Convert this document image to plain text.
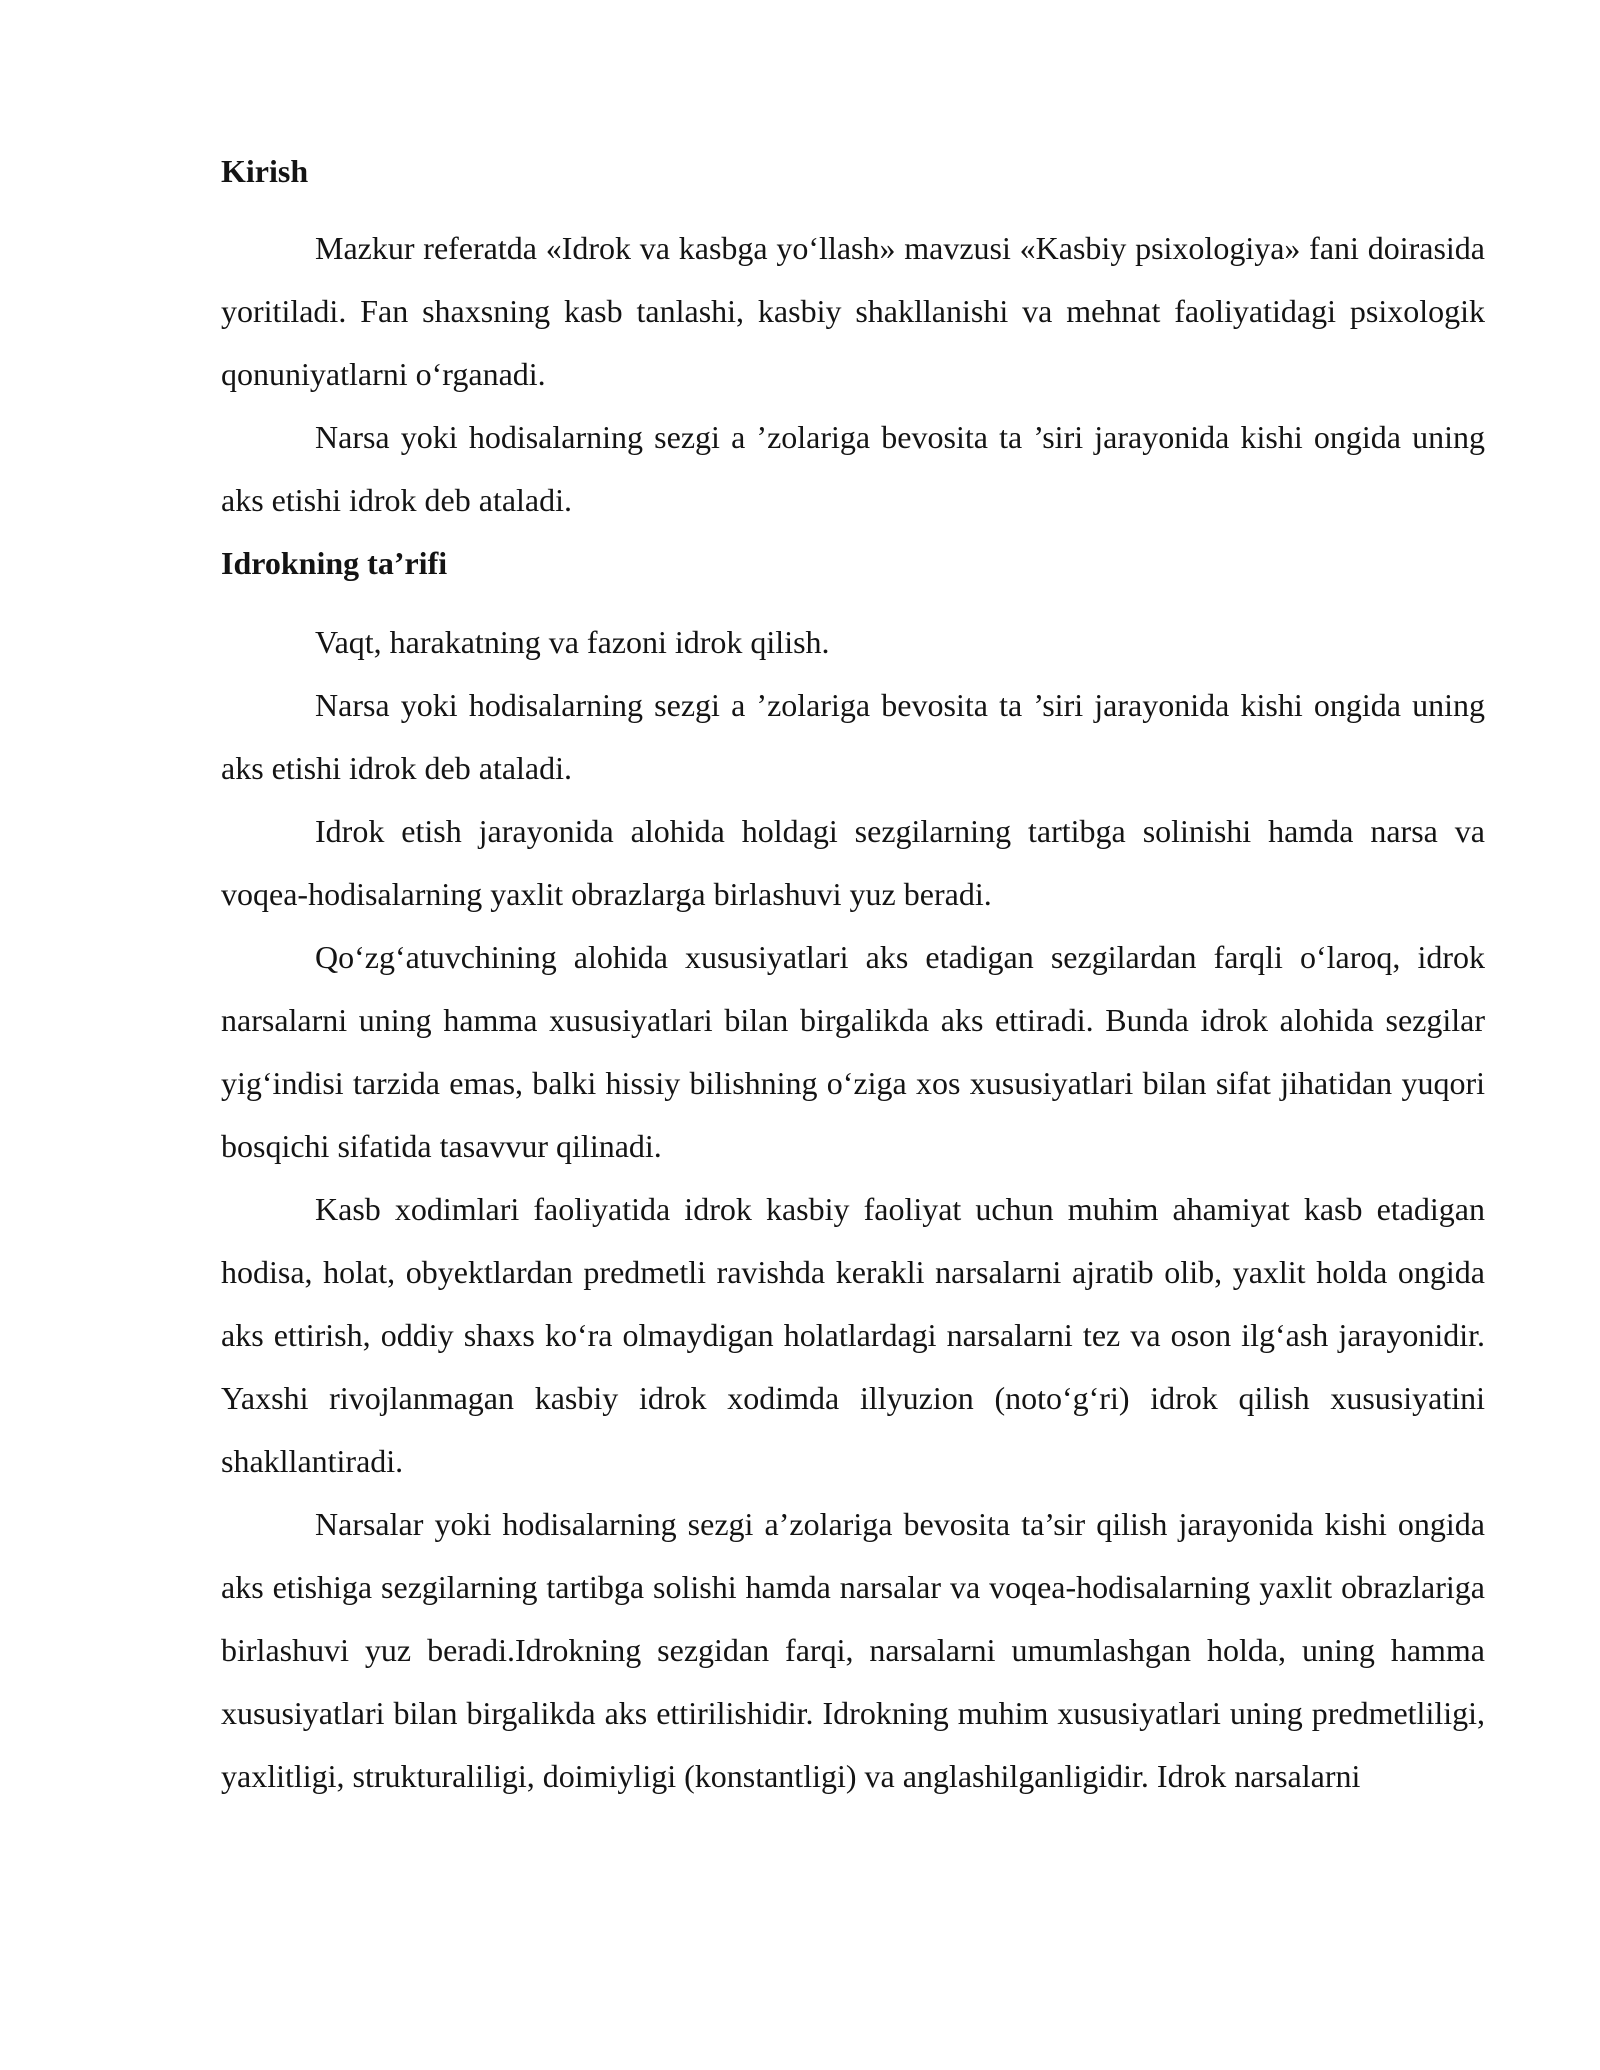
Kirish

Mazkur referatda «Idrok va kasbga yo‘llash» mavzusi «Kasbiy psixologiya» fani doirasida yoritiladi. Fan shaxsning kasb tanlashi, kasbiy shakllanishi va mehnat faoliyatidagi psixologik qonuniyatlarni o‘rganadi.

Narsa yoki hodisalarning sezgi a ’zolariga bevosita ta ’siri jarayonida kishi ongida uning aks etishi idrok deb ataladi.

Idrokning ta’rifi

Vaqt, harakatning va fazoni idrok qilish.

Narsa yoki hodisalarning sezgi a ’zolariga bevosita ta ’siri jarayonida kishi ongida uning aks etishi idrok deb ataladi.

Idrok etish jarayonida alohida holdagi sezgilarning tartibga solinishi hamda narsa va voqea-hodisalarning yaxlit obrazlarga birlashuvi yuz beradi.

Qo‘zg‘atuvchining alohida xususiyatlari aks etadigan sezgilardan farqli o‘laroq, idrok narsalarni uning hamma xususiyatlari bilan birgalikda aks ettiradi. Bunda idrok alohida sezgilar yig‘indisi tarzida emas, balki hissiy bilishning o‘ziga xos xususiyatlari bilan sifat jihatidan yuqori bosqichi sifatida tasavvur qilinadi.

Kasb xodimlari faoliyatida idrok kasbiy faoliyat uchun muhim ahamiyat kasb etadigan hodisa, holat, obyektlardan predmetli ravishda kerakli narsalarni ajratib olib, yaxlit holda ongida aks ettirish, oddiy shaxs ko‘ra olmaydigan holatlardagi narsalarni tez va oson ilg‘ash jarayonidir. Yaxshi rivojlanmagan kasbiy idrok xodimda illyuzion (noto‘g‘ri) idrok qilish xususiyatini shakllantiradi.

Narsalar yoki hodisalarning sezgi a’zolariga bevosita ta’sir qilish jarayonida kishi ongida aks etishiga sezgilarning tartibga solishi hamda narsalar va voqea-hodisalarning yaxlit obrazlariga birlashuvi yuz beradi.Idrokning sezgidan farqi, narsalarni umumlashgan holda, uning hamma xususiyatlari bilan birgalikda aks ettirilishidir. Idrokning muhim xususiyatlari uning predmetliligi, yaxlitligi, strukturaliligi, doimiyligi (konstantligi) va anglashilganligidir. Idrok narsalarni
